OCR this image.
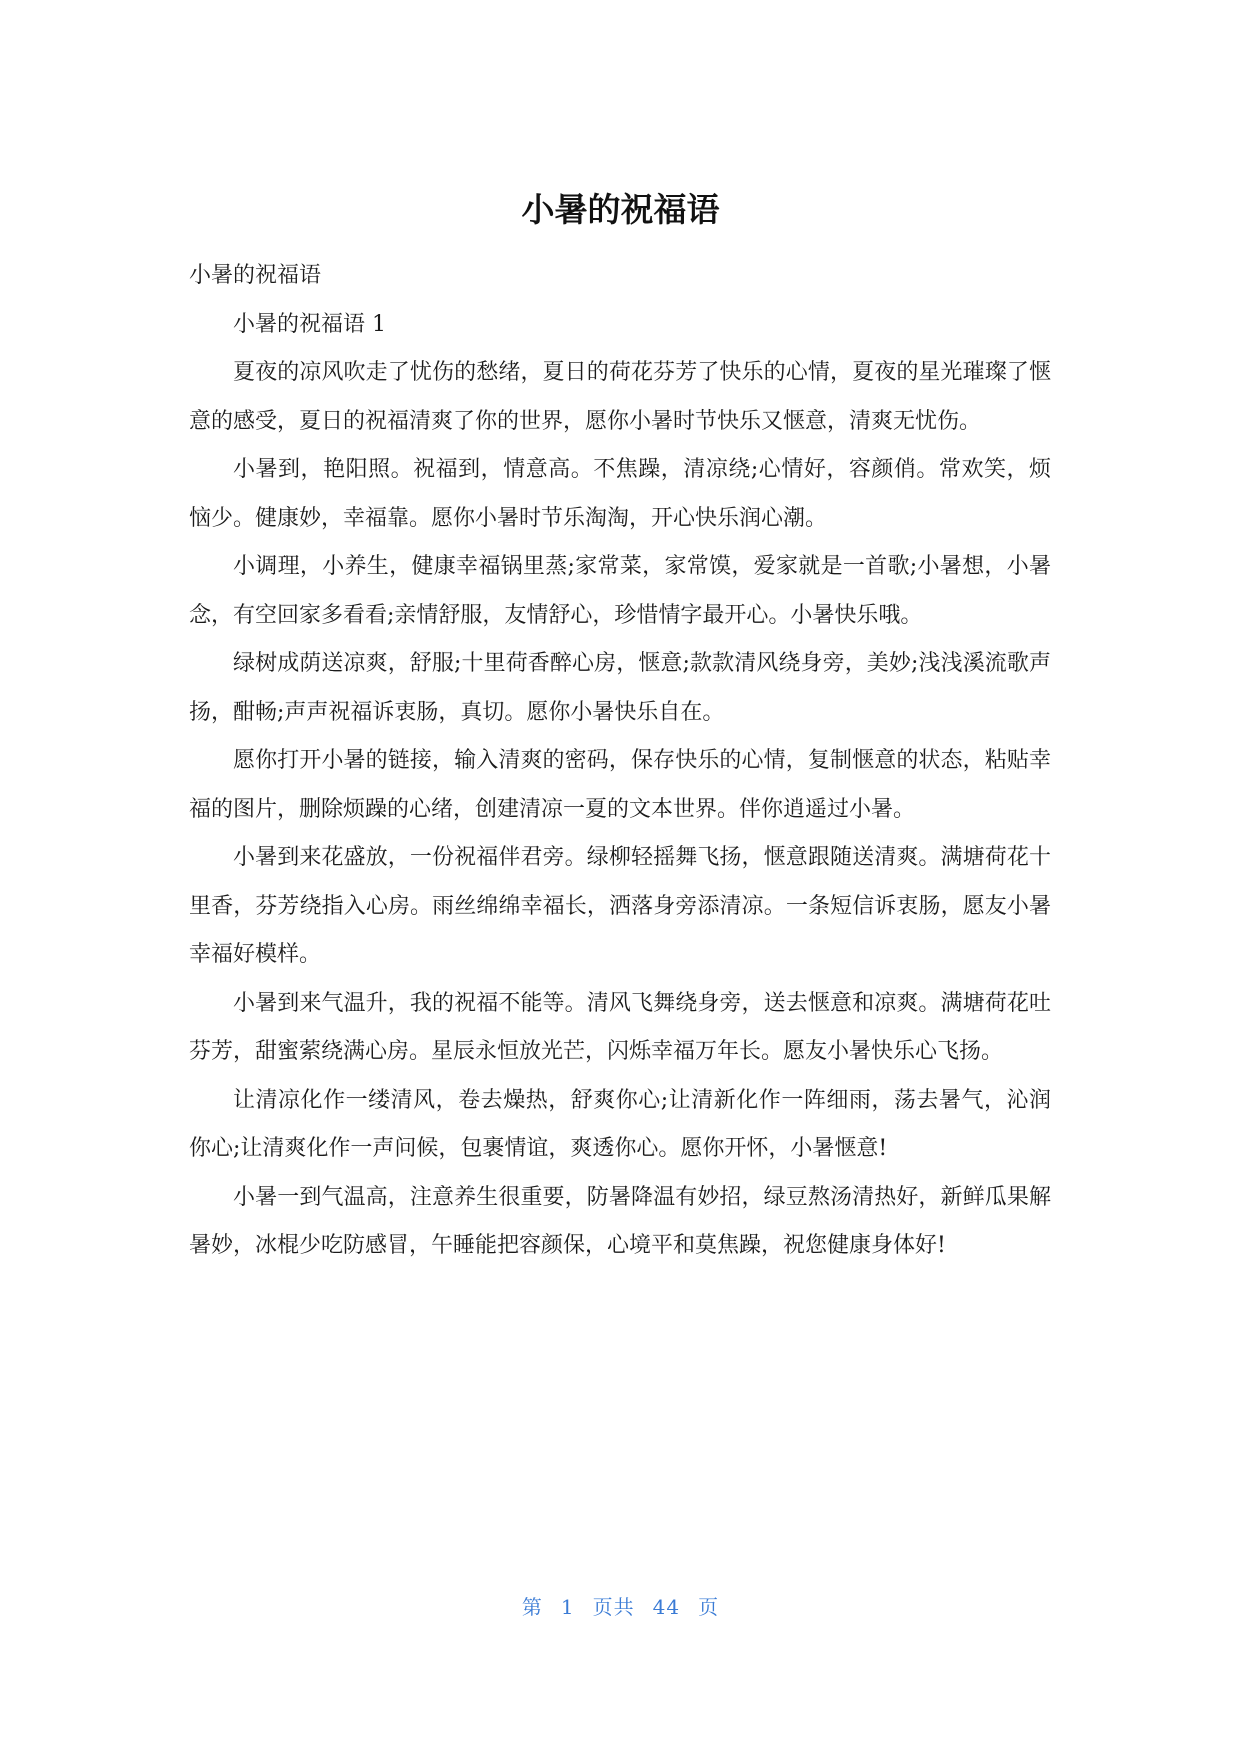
小暑的祝福语

小暑的祝福语

小暑的祝福语 1

夏夜的凉风吹走了忧伤的愁绪，夏日的荷花芬芳了快乐的心情，夏夜的星光璀璨了惬意的感受，夏日的祝福清爽了你的世界，愿你小暑时节快乐又惬意，清爽无忧伤。

小暑到，艳阳照。祝福到，情意高。不焦躁，清凉绕;心情好，容颜俏。常欢笑，烦恼少。健康妙，幸福靠。愿你小暑时节乐淘淘，开心快乐润心潮。

小调理，小养生，健康幸福锅里蒸;家常菜，家常馍，爱家就是一首歌;小暑想，小暑念，有空回家多看看;亲情舒服，友情舒心，珍惜情字最开心。小暑快乐哦。

绿树成荫送凉爽，舒服;十里荷香醉心房，惬意;款款清风绕身旁，美妙;浅浅溪流歌声扬，酣畅;声声祝福诉衷肠，真切。愿你小暑快乐自在。

愿你打开小暑的链接，输入清爽的密码，保存快乐的心情，复制惬意的状态，粘贴幸福的图片，删除烦躁的心绪，创建清凉一夏的文本世界。伴你逍遥过小暑。

小暑到来花盛放，一份祝福伴君旁。绿柳轻摇舞飞扬，惬意跟随送清爽。满塘荷花十里香，芬芳绕指入心房。雨丝绵绵幸福长，洒落身旁添清凉。一条短信诉衷肠，愿友小暑幸福好模样。

小暑到来气温升，我的祝福不能等。清风飞舞绕身旁，送去惬意和凉爽。满塘荷花吐芬芳，甜蜜萦绕满心房。星辰永恒放光芒，闪烁幸福万年长。愿友小暑快乐心飞扬。

让清凉化作一缕清风，卷去燥热，舒爽你心;让清新化作一阵细雨，荡去暑气，沁润你心;让清爽化作一声问候，包裹情谊，爽透你心。愿你开怀，小暑惬意!

小暑一到气温高，注意养生很重要，防暑降温有妙招，绿豆熬汤清热好，新鲜瓜果解暑妙，冰棍少吃防感冒，午睡能把容颜保，心境平和莫焦躁，祝您健康身体好!

第 1 页共 44 页
